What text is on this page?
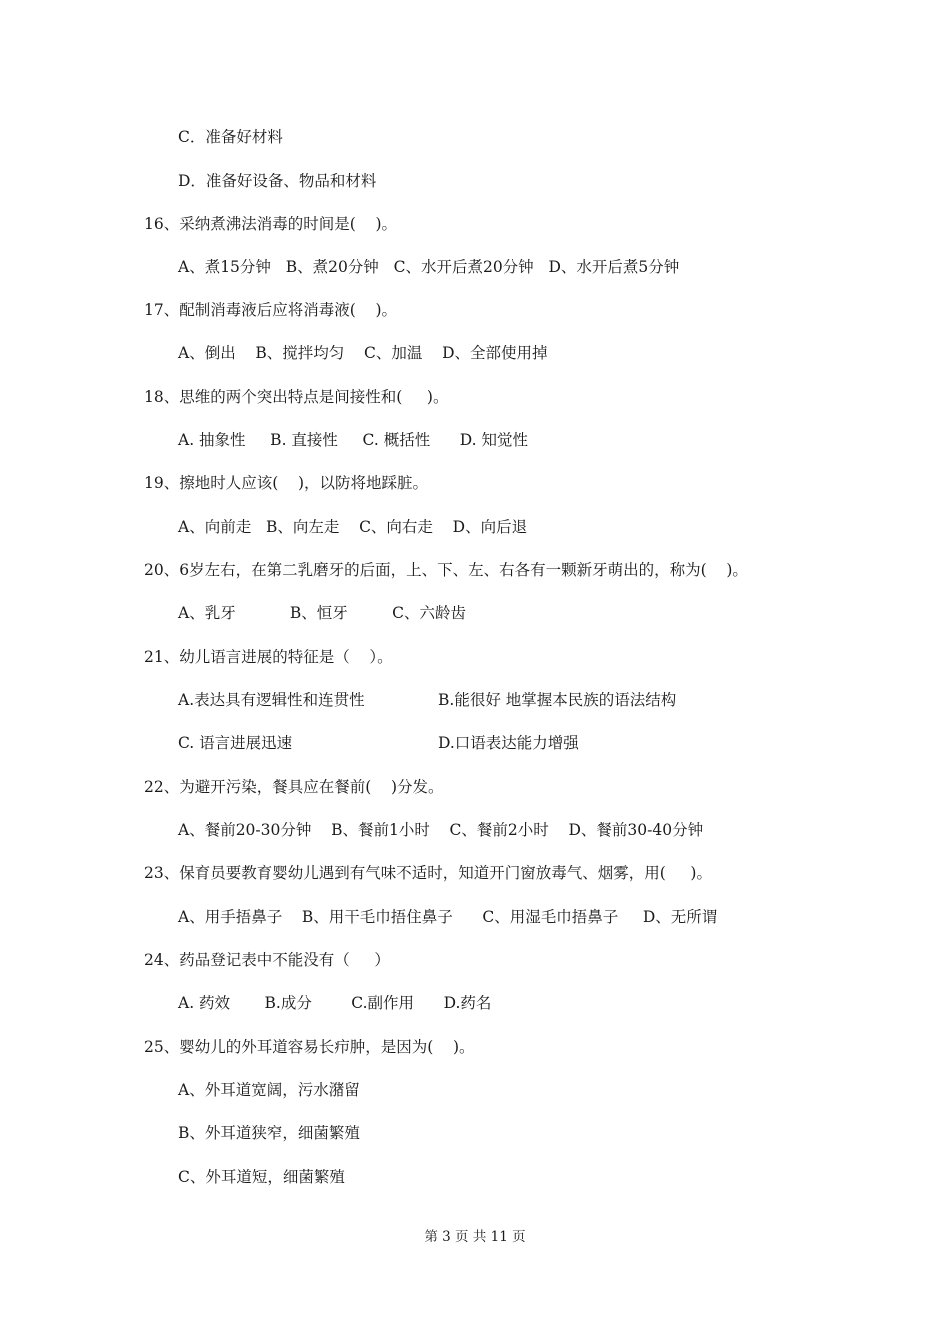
C．准备好材料
D．准备好设备、物品和材料
16、采纳煮沸法消毒的时间是(    )。
A、煮15分钟   B、煮20分钟   C、水开后煮20分钟   D、水开后煮5分钟
17、配制消毒液后应将消毒液(    )。
A、倒出    B、搅拌均匀    C、加温    D、全部使用掉
18、思维的两个突出特点是间接性和(     )。
A. 抽象性     B. 直接性     C. 概括性      D. 知觉性
19、擦地时人应该(    )，以防将地踩脏。
A、向前走   B、向左走    C、向右走    D、向后退
20、6岁左右，在第二乳磨牙的后面，上、下、左、右各有一颗新牙萌出的，称为(    )。
A、乳牙           B、恒牙         C、六龄齿
21、幼儿语言进展的特征是（    ）。
A.表达具有逻辑性和连贯性	B.能很好 地掌握本民族的语法结构
C. 语言进展迅速	D.口语表达能力增强
22、为避开污染，餐具应在餐前(    )分发。
A、餐前20-30分钟    B、餐前1小时    C、餐前2小时    D、餐前30-40分钟
23、保育员要教育婴幼儿遇到有气味不适时，知道开门窗放毒气、烟雾，用(     )。
A、用手捂鼻子    B、用干毛巾捂住鼻子      C、用湿毛巾捂鼻子     D、无所谓
24、药品登记表中不能没有（     ）
A. 药效       B.成分        C.副作用      D.药名
25、婴幼儿的外耳道容易长疖肿，是因为(    )。
A、外耳道宽阔，污水潴留
B、外耳道狭窄，细菌繁殖
C、外耳道短，细菌繁殖
第 3 页 共 11 页
